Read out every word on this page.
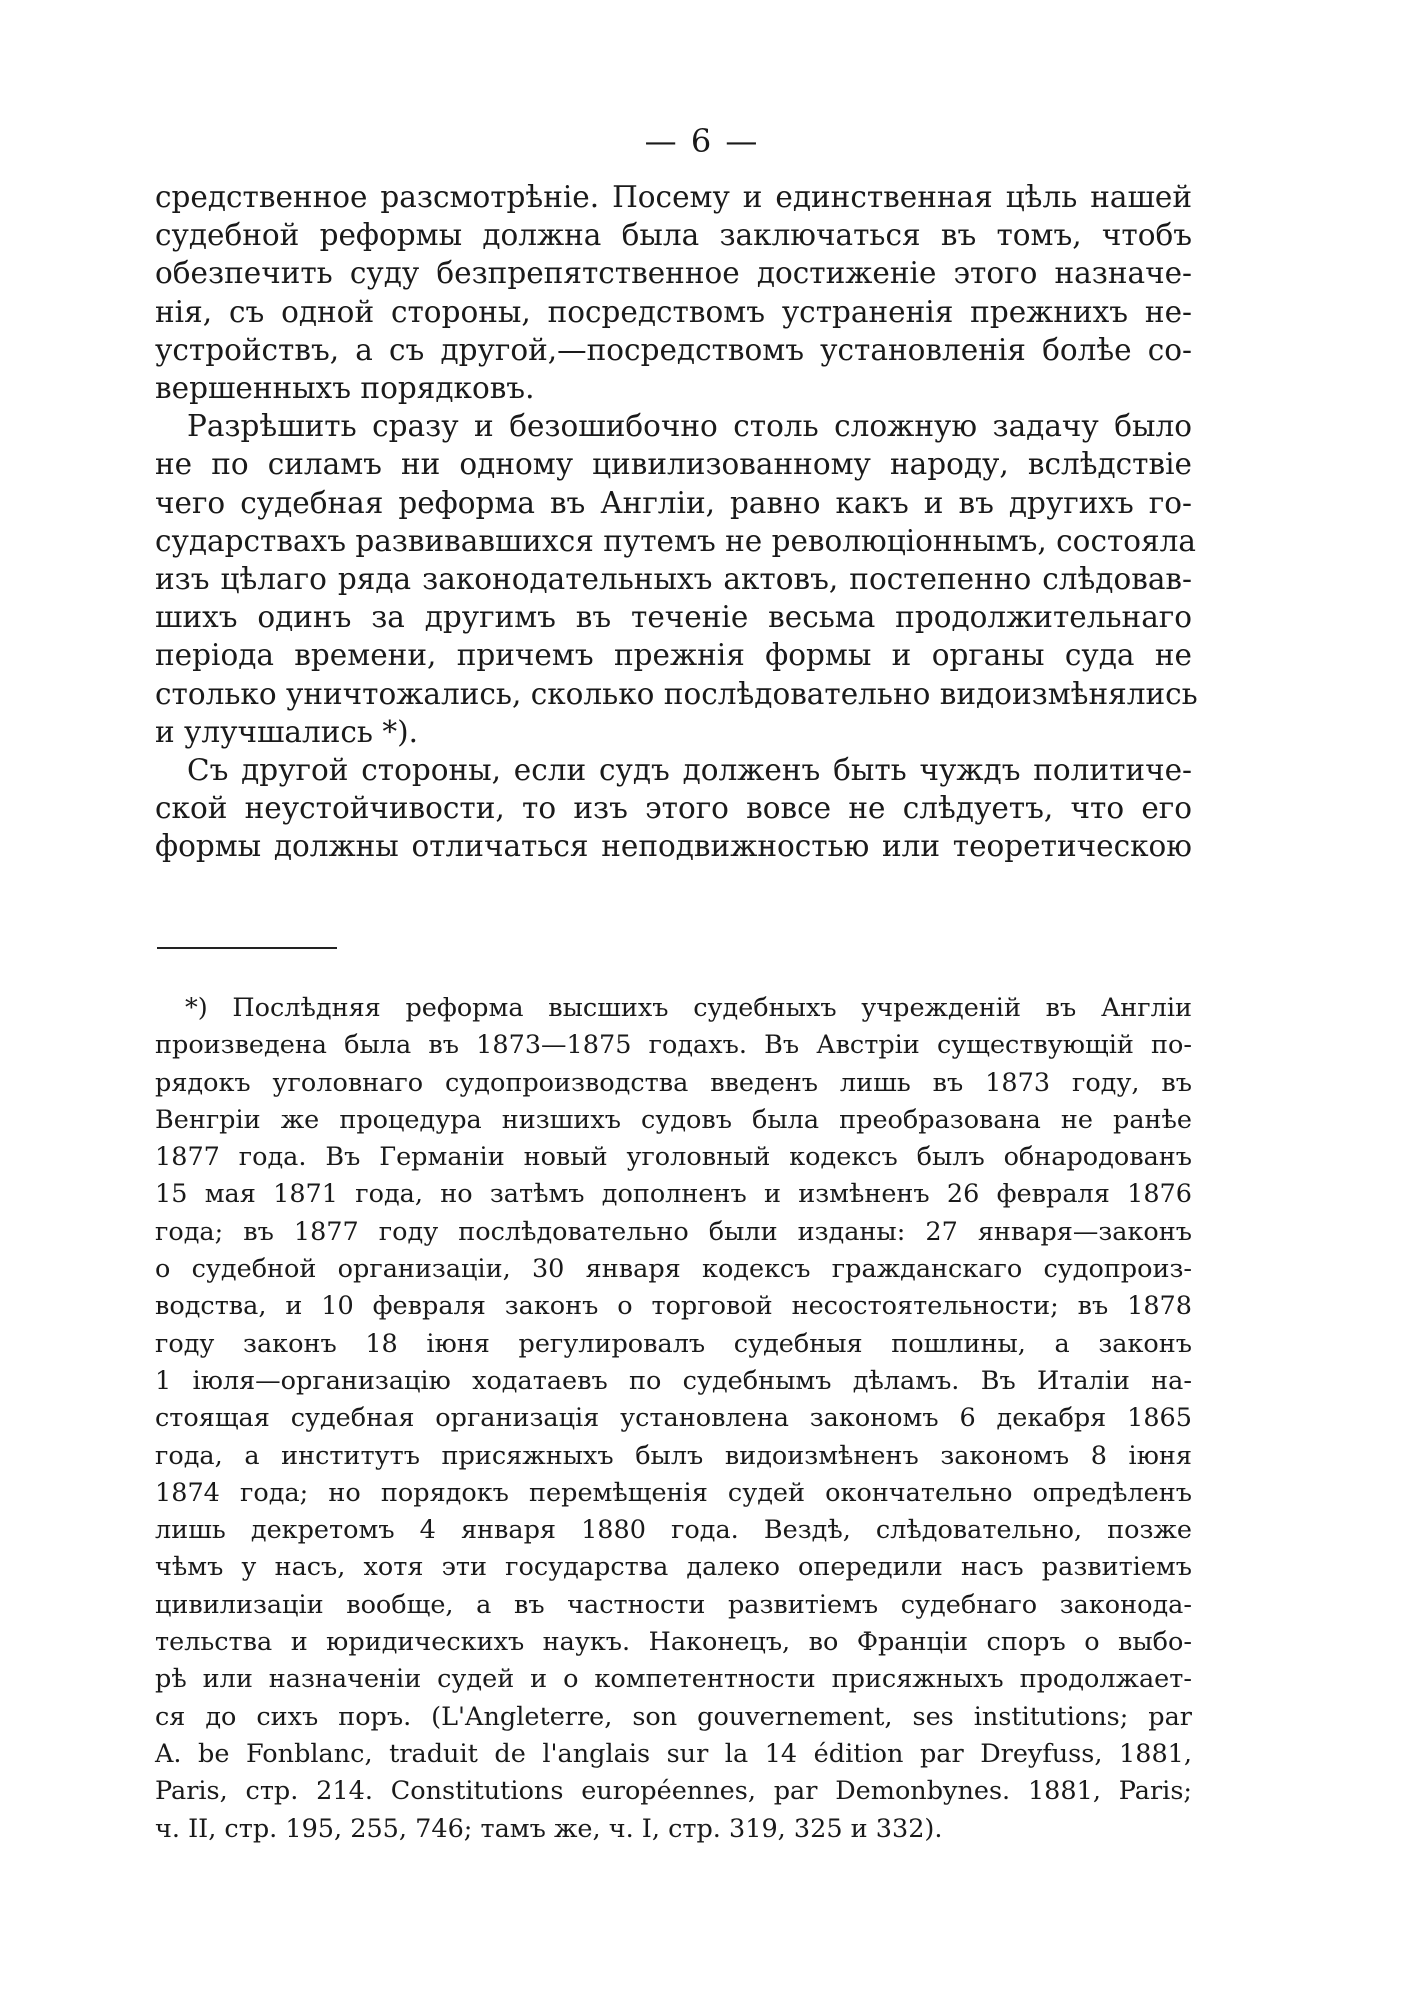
— 6 —
средственное разсмотрѣніе. Посему и единственная цѣль нашей
судебной реформы должна была заключаться въ томъ, чтобъ
обезпечить суду безпрепятственное достиженіе этого назначе-
нія, съ одной стороны, посредствомъ устраненія прежнихъ не-
устройствъ, а съ другой,—посредствомъ установленія болѣе со-
вершенныхъ порядковъ.
Разрѣшить сразу и безошибочно столь сложную задачу было
не по силамъ ни одному цивилизованному народу, вслѣдствіе
чего судебная реформа въ Англіи, равно какъ и въ другихъ го-
сударствахъ развивавшихся путемъ не революціоннымъ, состояла
изъ цѣлаго ряда законодательныхъ актовъ, постепенно слѣдовав-
шихъ одинъ за другимъ въ теченіе весьма продолжительнаго
періода времени, причемъ прежнія формы и органы суда не
столько уничтожались, сколько послѣдовательно видоизмѣнялись
и улучшались *).
Съ другой стороны, если судъ долженъ быть чуждъ политиче-
ской неустойчивости, то изъ этого вовсе не слѣдуетъ, что его
формы должны отличаться неподвижностью или теоретическою
*) Послѣдняя реформа высшихъ судебныхъ учрежденій въ Англіи
произведена была въ 1873—1875 годахъ. Въ Австріи существующій по-
рядокъ уголовнаго судопроизводства введенъ лишь въ 1873 году, въ
Венгріи же процедура низшихъ судовъ была преобразована не ранѣе
1877 года. Въ Германіи новый уголовный кодексъ былъ обнародованъ
15 мая 1871 года, но затѣмъ дополненъ и измѣненъ 26 февраля 1876
года; въ 1877 году послѣдовательно были изданы: 27 января—законъ
о судебной организаціи, 30 января кодексъ гражданскаго судопроиз-
водства, и 10 февраля законъ о торговой несостоятельности; въ 1878
году законъ 18 іюня регулировалъ судебныя пошлины, а законъ
1 іюля—организацію ходатаевъ по судебнымъ дѣламъ. Въ Италіи на-
стоящая судебная организація установлена закономъ 6 декабря 1865
года, а институтъ присяжныхъ былъ видоизмѣненъ закономъ 8 іюня
1874 года; но порядокъ перемѣщенія судей окончательно опредѣленъ
лишь декретомъ 4 января 1880 года. Вездѣ, слѣдовательно, позже
чѣмъ у насъ, хотя эти государства далеко опередили насъ развитіемъ
цивилизаціи вообще, а въ частности развитіемъ судебнаго законода-
тельства и юридическихъ наукъ. Наконецъ, во Франціи споръ о выбо-
рѣ или назначеніи судей и о компетентности присяжныхъ продолжает-
ся до сихъ поръ. (L'Angleterre, son gouvernement, ses institutions; par
A. be Fonblanc, traduit de l'anglais sur la 14 édition par Dreyfuss, 1881,
Paris, стр. 214. Constitutions européennes, par Demonbynes. 1881, Paris;
ч. II, стр. 195, 255, 746; тамъ же, ч. I, стр. 319, 325 и 332).
